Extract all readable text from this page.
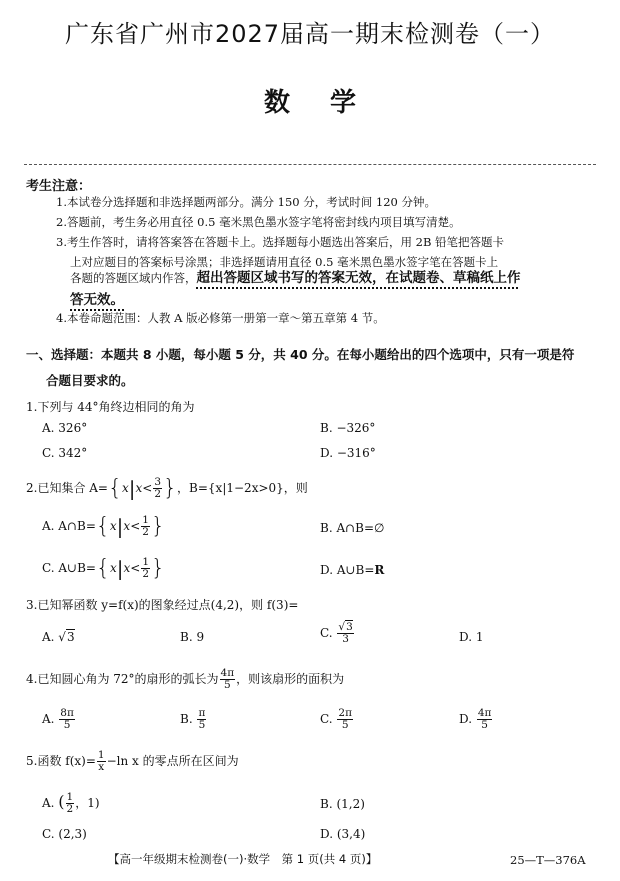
广东省广州市2027届高一期末检测卷（一）
数学
考生注意：
1.本试卷分选择题和非选择题两部分。满分 150 分，考试时间 120 分钟。
2.答题前，考生务必用直径 0.5 毫米黑色墨水签字笔将密封线内项目填写清楚。
3.考生作答时，请将答案答在答题卡上。选择题每小题选出答案后，用 2B 铅笔把答题卡
上对应题目的答案标号涂黑；非选择题请用直径 0.5 毫米黑色墨水签字笔在答题卡上
各题的答题区域内作答，超出答题区域书写的答案无效，在试题卷、草稿纸上作
答无效。
4.本卷命题范围：人教 A 版必修第一册第一章～第五章第 4 节。
一、选择题：本题共 8 小题，每小题 5 分，共 40 分。在每小题给出的四个选项中，只有一项是符
合题目要求的。
1.下列与 44°角终边相同的角为
A. 326°	B. −326°
C. 342°	D. −316°
2.已知集合 $A=\{x|x< \frac{3}{2}$ }，B={x|1−2x>0}，则
A. A∩B={x|x< $\frac{1}{2}$ }	B. A∩B=∅
C. A∪B={x|x< $\frac{1}{2}$ }	D. A∪B=R
3.已知幂函数 y=f(x)的图象经过点(4,2)，则 f(3)=
A. √3	B. 9	C. $\frac{√3}{3}$	D. 1
4.已知圆心角为 72°的扇形的弧长为 $\frac{4\pi}{5}$ ，则该扇形的面积为
A. $\frac{8\pi}{5}$	B. $\frac{\pi}{5}$	C. $\frac{2\pi}{5}$	D. $\frac{4\pi}{5}$
5.函数 $f(x)= \frac{1}{x} -\ln$ x 的零点所在区间为
A. ( $\frac{1}{2}$ ，1)	B. (1,2)
C. (2,3)	D. (3,4)
【高一年级期末检测卷(一)·数学　第 1 页(共 4 页)】	25—T—376A
